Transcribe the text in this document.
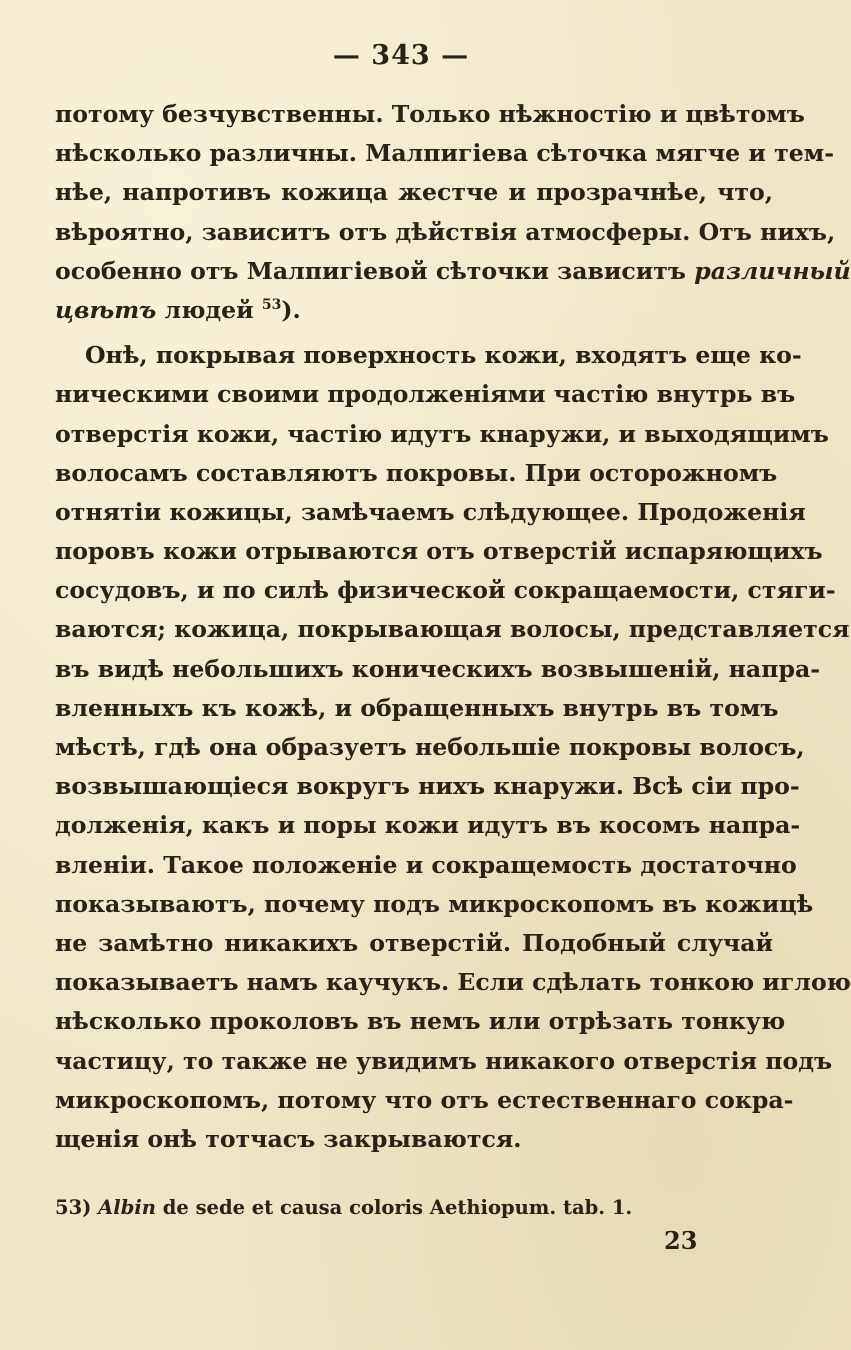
— 343 —
потому безчувственны. Только нѣжностію и цвѣтомъ
нѣсколько различны. Малпигіева сѣточка мягче и тем-
нѣе, напротивъ кожица жестче и прозрачнѣе, что,
вѣроятно, зависитъ отъ дѣйствія атмосферы. Отъ нихъ,
особенно отъ Малпигіевой сѣточки зависитъ различный
цвѣтъ людей $^{53}$).
Онѣ, покрывая поверхность кожи, входятъ еще ко-
ническими своими продолженіями частію внутрь въ
отверстія кожи, частію идутъ кнаружи, и выходящимъ
волосамъ составляютъ покровы. При осторожномъ
отнятіи кожицы, замѣчаемъ слѣдующее. Продоженія
поровъ кожи отрываются отъ отверстій испаряющихъ
сосудовъ, и по силѣ физической сокращаемости, стяги-
ваются; кожица, покрывающая волосы, представляется
въ видѣ небольшихъ коническихъ возвышеній, напра-
вленныхъ къ кожѣ, и обращенныхъ внутрь въ томъ
мѣстѣ, гдѣ она образуетъ небольшіе покровы волосъ,
возвышающіеся вокругъ нихъ кнаружи. Всѣ сіи про-
долженія, какъ и поры кожи идутъ въ косомъ напра-
вленіи. Такое положеніе и сокращемость достаточно
показываютъ, почему подъ микроскопомъ въ кожицѣ
не замѣтно никакихъ отверстій. Подобный случай
показываетъ намъ каучукъ. Если сдѣлать тонкою иглою
нѣсколько проколовъ въ немъ или отрѣзать тонкую
частицу, то также не увидимъ никакого отверстія подъ
микроскопомъ, потому что отъ естественнаго сокра-
щенія онѣ тотчасъ закрываются.
53) Albin de sede et causa coloris Aethiopum. tab. 1.
23
